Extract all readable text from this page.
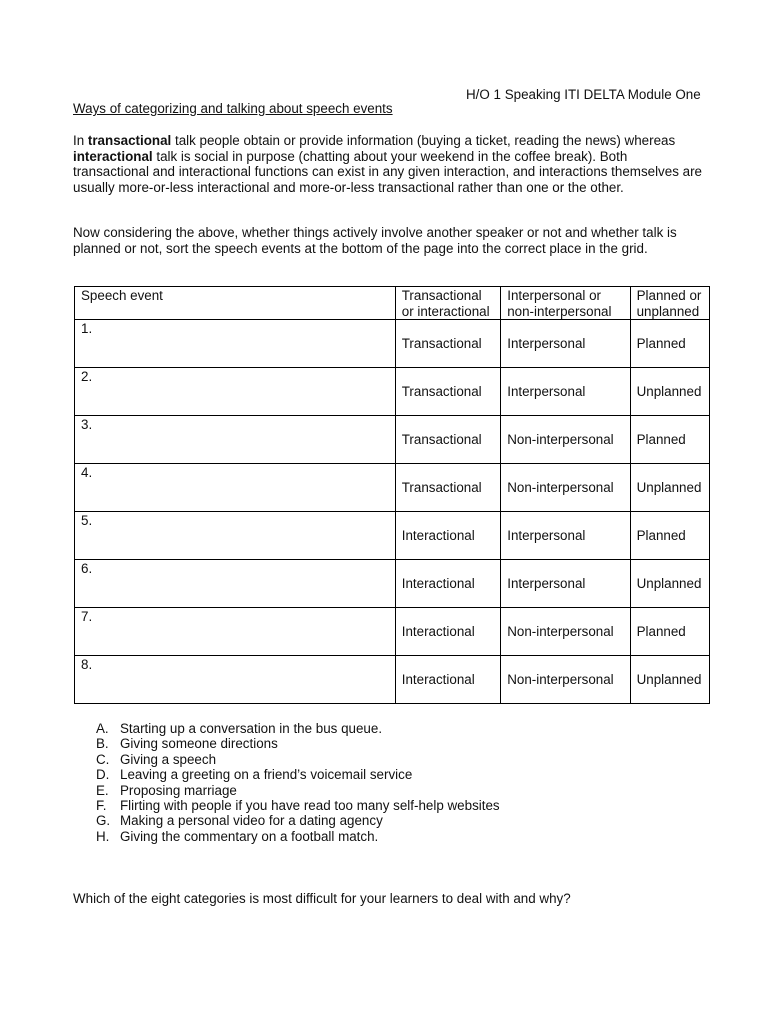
H/O 1 Speaking ITI DELTA Module One
Ways of categorizing and talking about speech events

In transactional talk people obtain or provide information (buying a ticket, reading the news) whereas interactional talk is social in purpose (chatting about your weekend in the coffee break). Both transactional and interactional functions can exist in any given interaction, and interactions themselves are usually more-or-less interactional and more-or-less transactional rather than one or the other.

Now considering the above, whether things actively involve another speaker or not and whether talk is planned or not, sort the speech events at the bottom of the page into the correct place in the grid.

Speech event	Transactional or interactional	Interpersonal or non-interpersonal	Planned or unplanned
1.	Transactional	Interpersonal	Planned
2.	Transactional	Interpersonal	Unplanned
3.	Transactional	Non-interpersonal	Planned
4.	Transactional	Non-interpersonal	Unplanned
5.	Interactional	Interpersonal	Planned
6.	Interactional	Interpersonal	Unplanned
7.	Interactional	Non-interpersonal	Planned
8.	Interactional	Non-interpersonal	Unplanned
A. Starting up a conversation in the bus queue.
B. Giving someone directions
C. Giving a speech
D. Leaving a greeting on a friend’s voicemail service
E. Proposing marriage
F.	Flirting with people if you have read too many self-help websites
G. Making a personal video for a dating agency
H. Giving the commentary on a football match.
Which of the eight categories is most difficult for your learners to deal with and why?
